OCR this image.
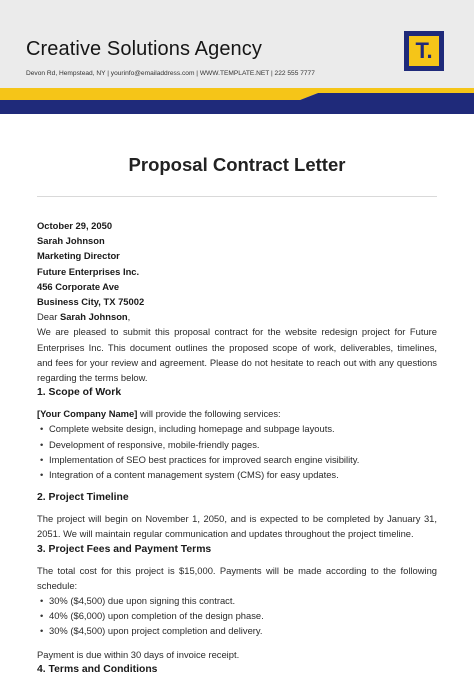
Creative Solutions Agency
Devon Rd, Hempstead, NY | yourinfo@emailaddress.com | WWW.TEMPLATE.NET | 222 555 7777
T.
Proposal Contract Letter
October 29, 2050
Sarah Johnson
Marketing Director
Future Enterprises Inc.
456 Corporate Ave
Business City, TX 75002
Dear Sarah Johnson,

We are pleased to submit this proposal contract for the website redesign project for Future Enterprises Inc. This document outlines the proposed scope of work, deliverables, timelines, and fees for your review and agreement. Please do not hesitate to reach out with any questions regarding the terms below.

1. Scope of Work
[Your Company Name] will provide the following services:
• Complete website design, including homepage and subpage layouts.
• Development of responsive, mobile-friendly pages.
• Implementation of SEO best practices for improved search engine visibility.
• Integration of a content management system (CMS) for easy updates.
2. Project Timeline

The project will begin on November 1, 2050, and is expected to be completed by January 31, 2051. We will maintain regular communication and updates throughout the project timeline.

3. Project Fees and Payment Terms

The total cost for this project is $15,000. Payments will be made according to the following schedule:

• 30% ($4,500) due upon signing this contract.
• 40% ($6,000) upon completion of the design phase.
• 30% ($4,500) upon project completion and delivery.
Payment is due within 30 days of invoice receipt.
4. Terms and Conditions
